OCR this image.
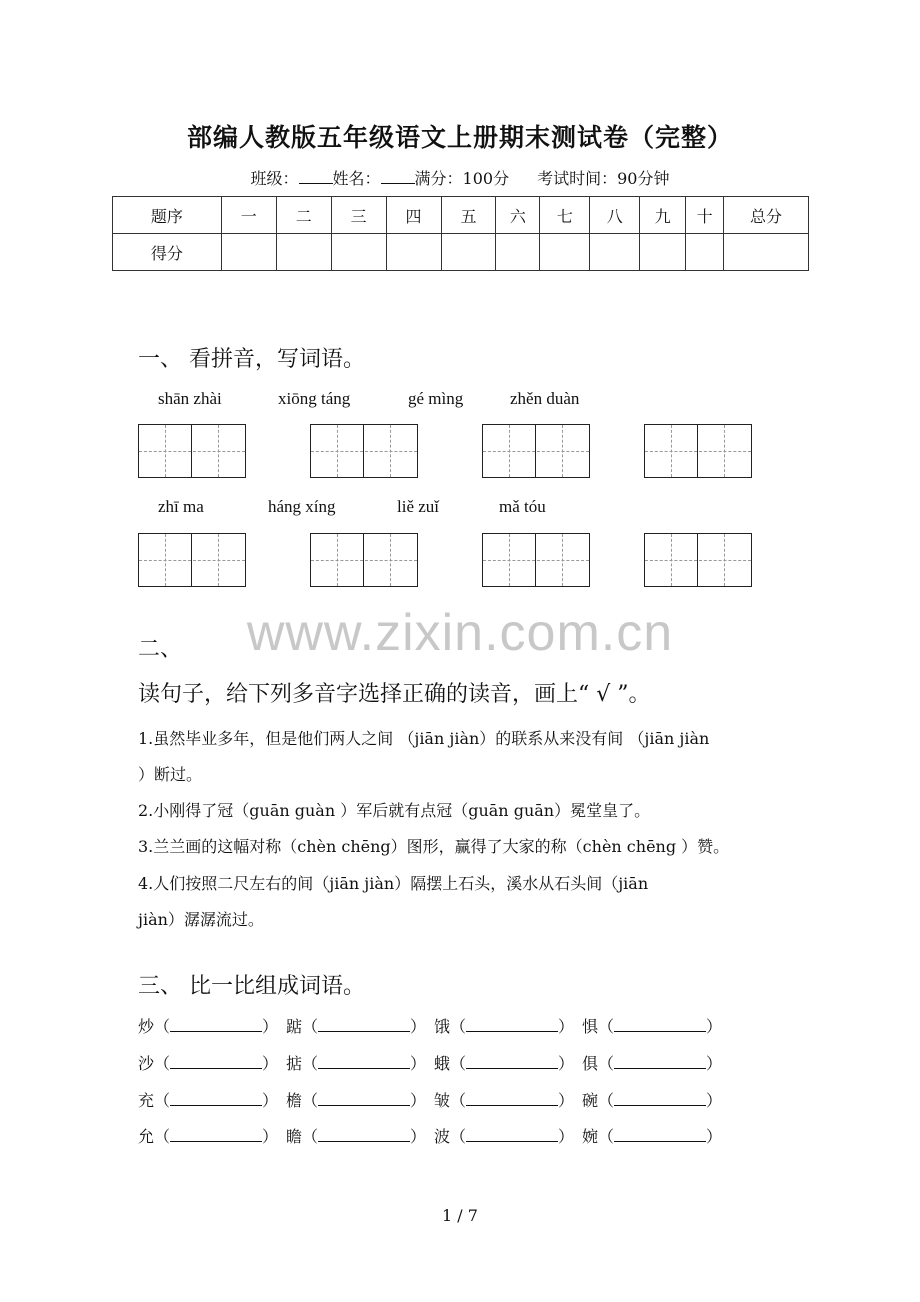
部编人教版五年级语文上册期末测试卷（完整）
班级： 姓名： 满分：100分 考试时间：90分钟
题序	一	二	三	四	五	六	七	八	九	十	总分
得分											
一、 看拼音，写词语。
shān zhài	xiōng táng	gé mìng	zhěn duàn
zhī ma	háng xíng	liě zuǐ	mǎ tóu
www.zixin.com.cn
二、
读句子，给下列多音字选择正确的读音，画上“ √ ”。
1.虽然毕业多年，但是他们两人之间 （jiān jiàn）的联系从来没有间 （jiān jiàn
）断过。
2.小刚得了冠（guān guàn ）军后就有点冠（guān guān）冕堂皇了。
3.兰兰画的这幅对称（chèn chēng）图形，赢得了大家的称（chèn chēng ）赞。
4.人们按照二尺左右的间（jiān jiàn）隔摆上石头，溪水从石头间（jiān
jiàn）潺潺流过。
三、 比一比组成词语。
炒（	） 踮（	） 饿（	） 惧（	）
沙（	） 掂（	） 蛾（	） 俱（	）
充（	） 檐（	） 皱（	） 碗（	）
允（	） 瞻（	） 波（	） 婉（	）
1 / 7
